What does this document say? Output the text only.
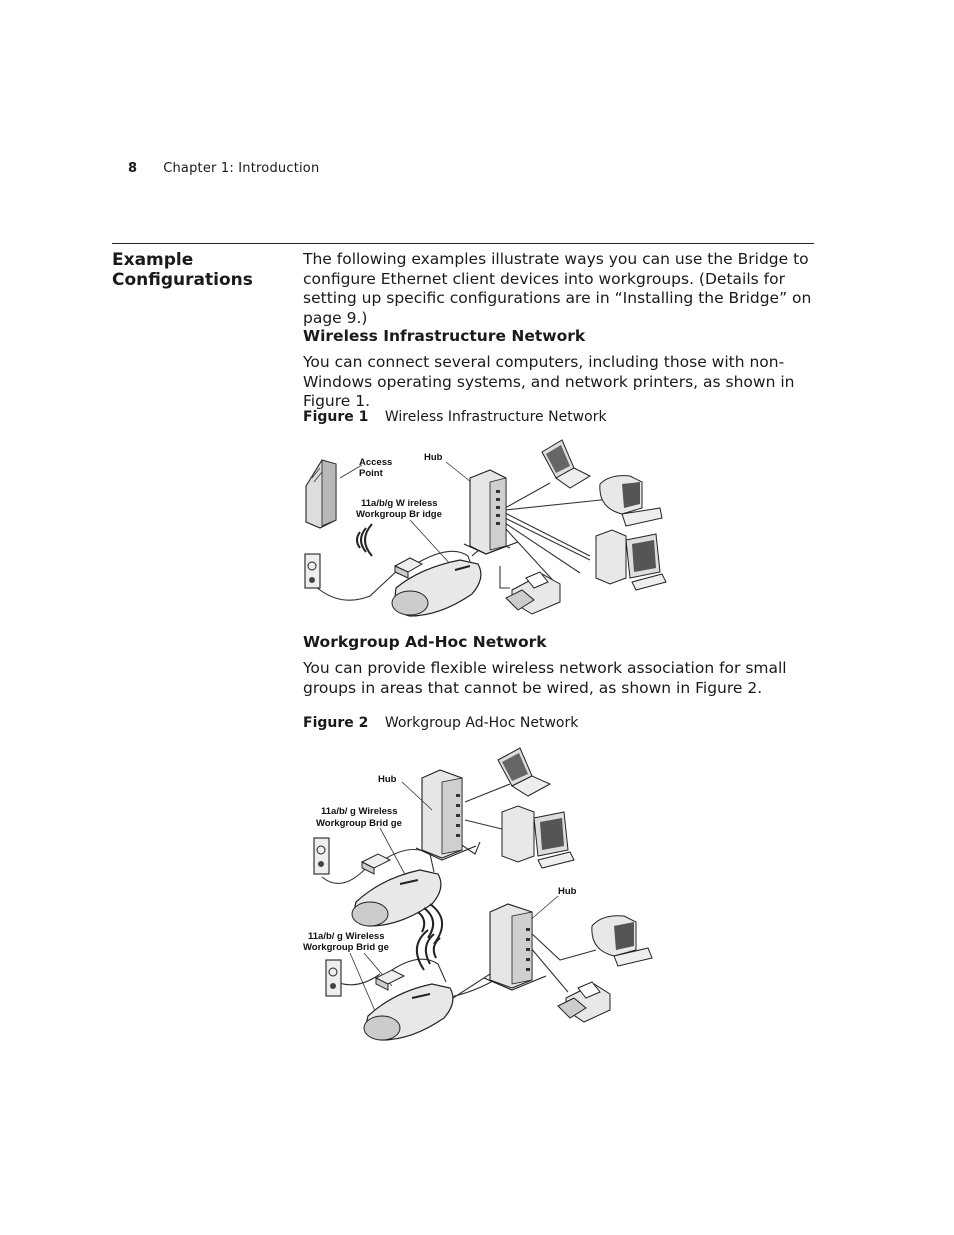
8 Chapter 1: Introduction
Example Configurations
The following examples illustrate ways you can use the Bridge to configure Ethernet client devices into workgroups. (Details for setting up specific configurations are in “Installing the Bridge” on page 9.)
Wireless Infrastructure Network
You can connect several computers, including those with non-Windows operating systems, and network printers, as shown in Figure 1.
Figure 1 Wireless Infrastructure Network
Access
Point
Hub
11a/b/g W ireless
Workgroup Br idge
Workgroup Ad-Hoc Network
You can provide flexible wireless network association for small groups in areas that cannot be wired, as shown in Figure 2.
Figure 2 Workgroup Ad-Hoc Network
Hub
11a/b/ g Wireless
Workgroup Brid ge
Hub
11a/b/ g Wireless
Workgroup Brid ge
